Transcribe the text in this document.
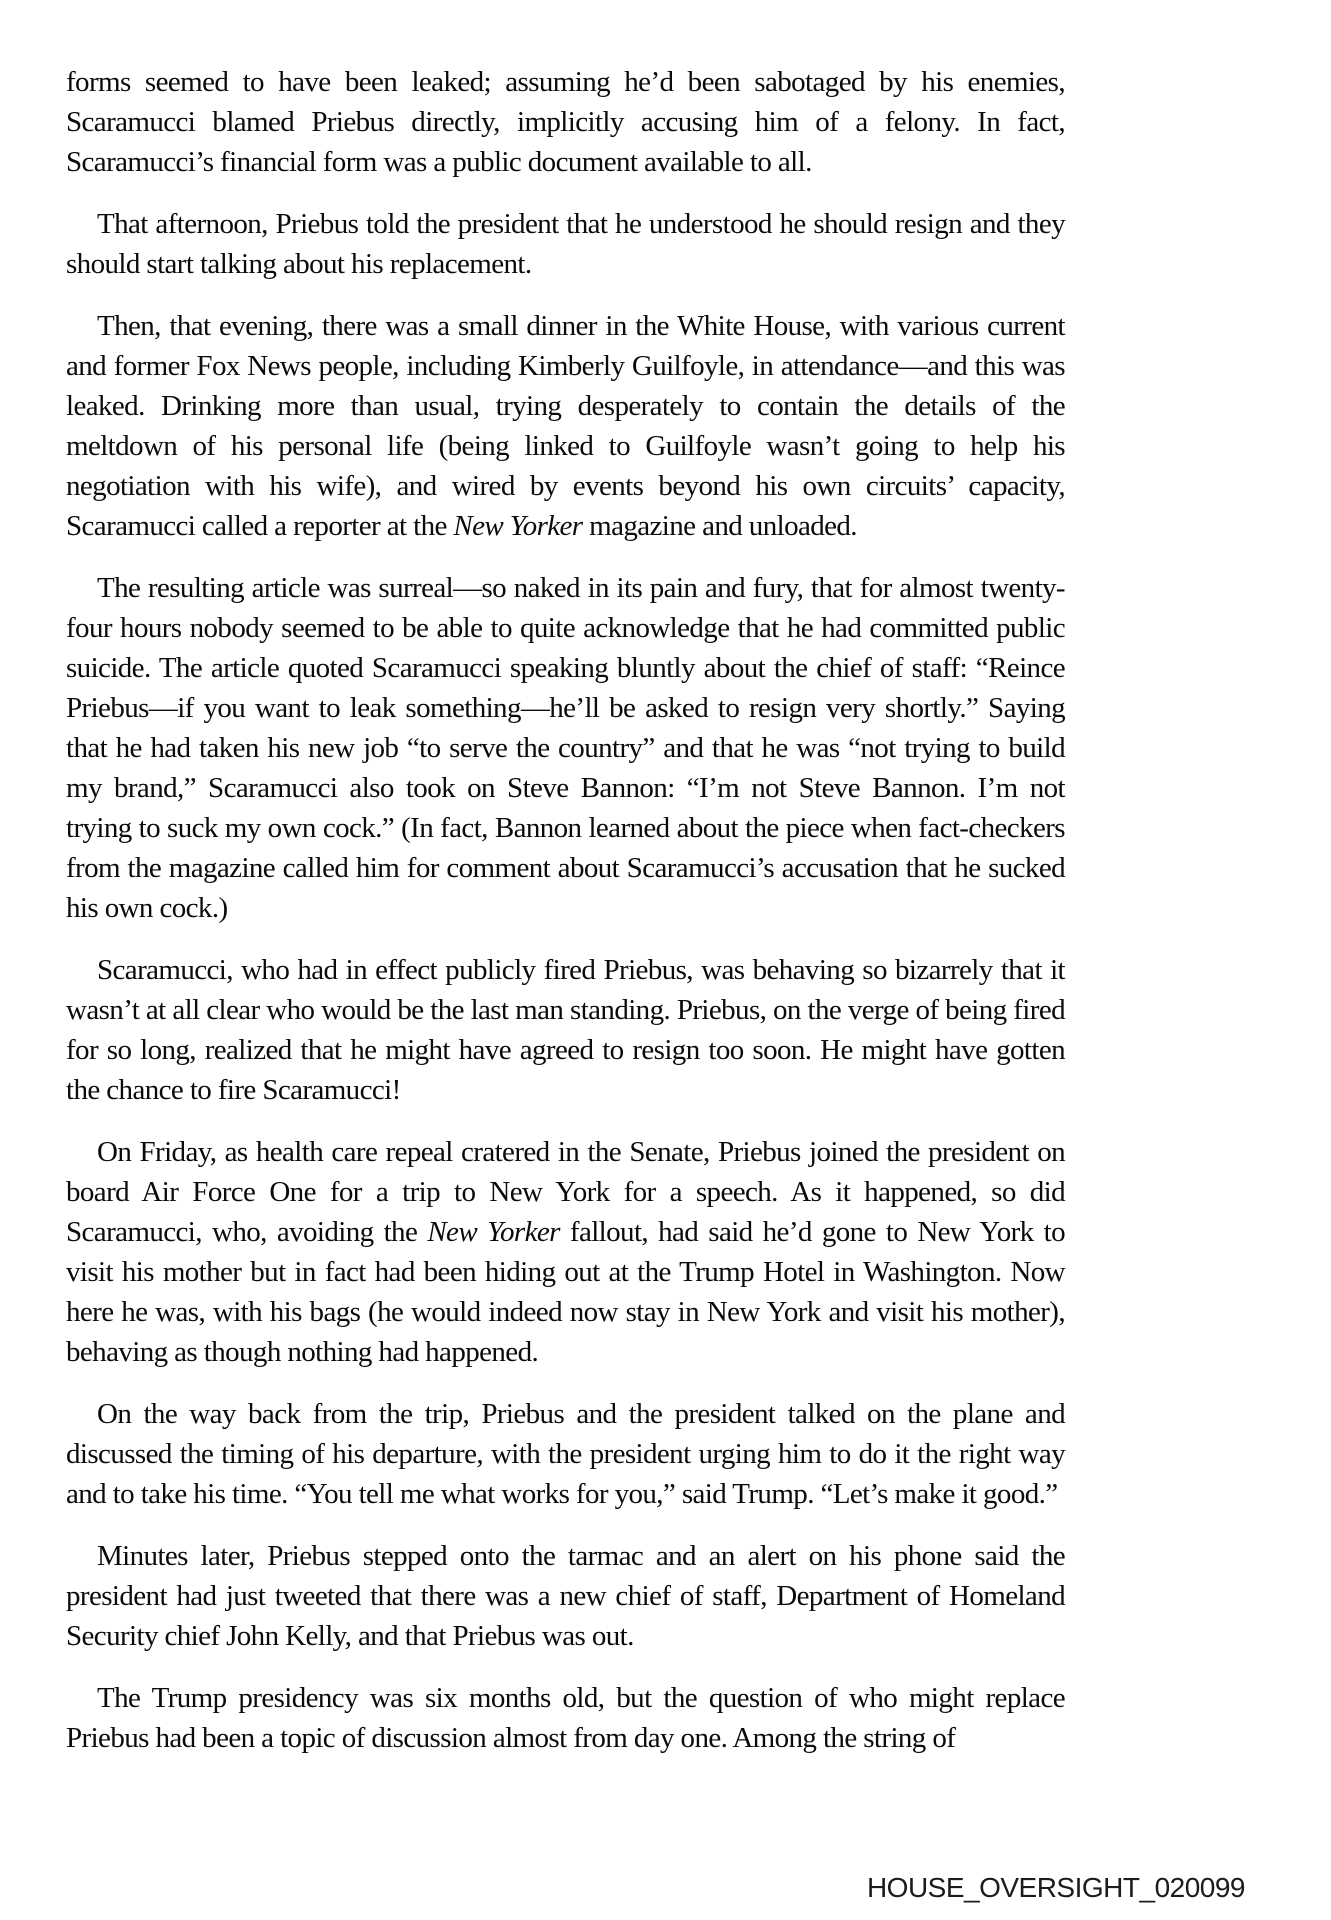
forms seemed to have been leaked; assuming he’d been sabotaged by his enemies, Scaramucci blamed Priebus directly, implicitly accusing him of a felony. In fact, Scaramucci’s financial form was a public document available to all.

That afternoon, Priebus told the president that he understood he should resign and they should start talking about his replacement.

Then, that evening, there was a small dinner in the White House, with various current and former Fox News people, including Kimberly Guilfoyle, in attendance—and this was leaked. Drinking more than usual, trying desperately to contain the details of the meltdown of his personal life (being linked to Guilfoyle wasn’t going to help his negotiation with his wife), and wired by events beyond his own circuits’ capacity, Scaramucci called a reporter at the New Yorker magazine and unloaded.

The resulting article was surreal—so naked in its pain and fury, that for almost twenty-four hours nobody seemed to be able to quite acknowledge that he had committed public suicide. The article quoted Scaramucci speaking bluntly about the chief of staff: “Reince Priebus—if you want to leak something—he’ll be asked to resign very shortly.” Saying that he had taken his new job “to serve the country” and that he was “not trying to build my brand,” Scaramucci also took on Steve Bannon: “I’m not Steve Bannon. I’m not trying to suck my own cock.” (In fact, Bannon learned about the piece when fact-checkers from the magazine called him for comment about Scaramucci’s accusation that he sucked his own cock.)

Scaramucci, who had in effect publicly fired Priebus, was behaving so bizarrely that it wasn’t at all clear who would be the last man standing. Priebus, on the verge of being fired for so long, realized that he might have agreed to resign too soon. He might have gotten the chance to fire Scaramucci!

On Friday, as health care repeal cratered in the Senate, Priebus joined the president on board Air Force One for a trip to New York for a speech. As it happened, so did Scaramucci, who, avoiding the New Yorker fallout, had said he’d gone to New York to visit his mother but in fact had been hiding out at the Trump Hotel in Washington. Now here he was, with his bags (he would indeed now stay in New York and visit his mother), behaving as though nothing had happened.

On the way back from the trip, Priebus and the president talked on the plane and discussed the timing of his departure, with the president urging him to do it the right way and to take his time. “You tell me what works for you,” said Trump. “Let’s make it good.”

Minutes later, Priebus stepped onto the tarmac and an alert on his phone said the president had just tweeted that there was a new chief of staff, Department of Homeland Security chief John Kelly, and that Priebus was out.

The Trump presidency was six months old, but the question of who might replace Priebus had been a topic of discussion almost from day one. Among the string of

HOUSE_OVERSIGHT_020099
